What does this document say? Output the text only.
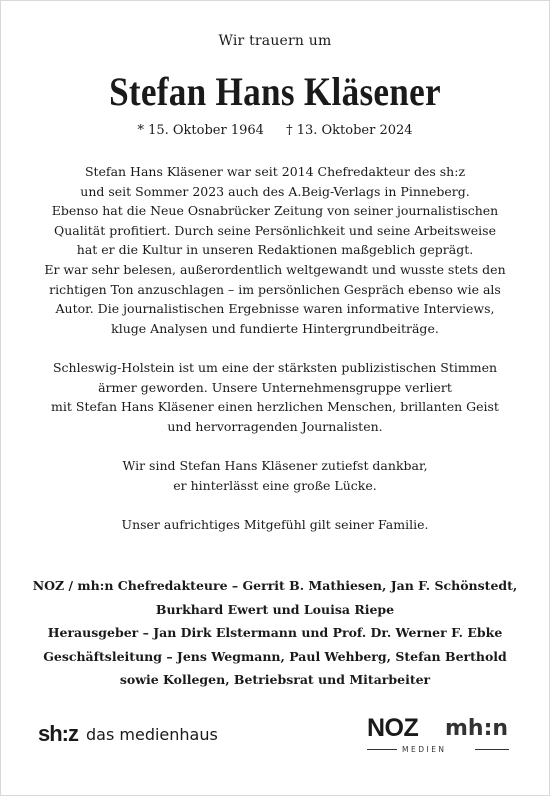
Wir trauern um
Stefan Hans Kläsener
* 15. Oktober 1964 † 13. Oktober 2024

Stefan Hans Kläsener war seit 2014 Chefredakteur des sh:z
und seit Sommer 2023 auch des A.Beig-Verlags in Pinneberg.
Ebenso hat die Neue Osnabrücker Zeitung von seiner journalistischen
Qualität profitiert. Durch seine Persönlichkeit und seine Arbeitsweise
hat er die Kultur in unseren Redaktionen maßgeblich geprägt.
Er war sehr belesen, außerordentlich weltgewandt und wusste stets den
richtigen Ton anzuschlagen – im persönlichen Gespräch ebenso wie als
Autor. Die journalistischen Ergebnisse waren informative Interviews,
kluge Analysen und fundierte Hintergrundbeiträge.

Schleswig-Holstein ist um eine der stärksten publizistischen Stimmen
ärmer geworden. Unsere Unternehmensgruppe verliert
mit Stefan Hans Kläsener einen herzlichen Menschen, brillanten Geist
und hervorragenden Journalisten.

Wir sind Stefan Hans Kläsener zutiefst dankbar,
er hinterlässt eine große Lücke.

Unser aufrichtiges Mitgefühl gilt seiner Familie.

NOZ / mh:n Chefredakteure – Gerrit B. Mathiesen, Jan F. Schönstedt,
Burkhard Ewert und Louisa Riepe
Herausgeber – Jan Dirk Elstermann und Prof. Dr. Werner F. Ebke
Geschäftsleitung – Jens Wegmann, Paul Wehberg, Stefan Berthold
sowie Kollegen, Betriebsrat und Mitarbeiter
sh:z das medienhaus	NOZ mh:n
MEDIEN
